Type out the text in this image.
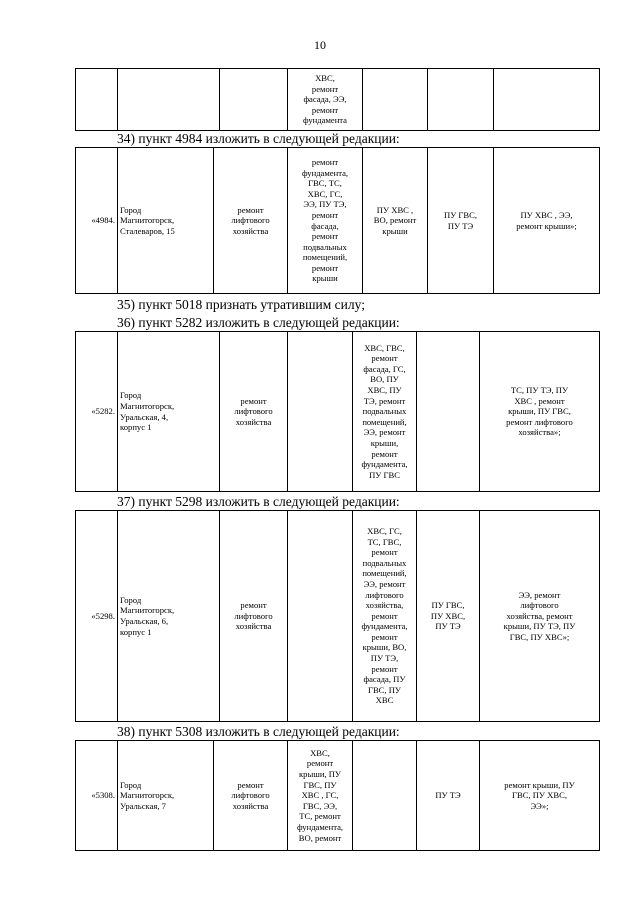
10
			ХВС,
ремонт
фасада, ЭЭ,
ремонт
фундамента			
34) пункт 4984 изложить в следующей редакции:
«4984.	Город
Магнитогорск,
Сталеваров, 15	ремонт
лифтового
хозяйства	ремонт
фундамента,
ГВС, ТС,
ХВС, ГС,
ЭЭ, ПУ ТЭ,
ремонт
фасада,
ремонт
подвальных
помещений,
ремонт
крыши	ПУ ХВС ,
ВО, ремонт
крыши	ПУ ГВС,
ПУ ТЭ	ПУ ХВС , ЭЭ,
ремонт крыши»;
35) пункт 5018 признать утратившим силу;
36) пункт 5282 изложить в следующей редакции:
«5282.	Город
Магнитогорск,
Уральская, 4,
корпус 1	ремонт
лифтового
хозяйства		ХВС, ГВС,
ремонт
фасада, ГС,
ВО, ПУ
ХВС, ПУ
ТЭ, ремонт
подвальных
помещений,
ЭЭ, ремонт
крыши,
ремонт
фундамента,
ПУ ГВС		ТС, ПУ ТЭ, ПУ
ХВС , ремонт
крыши, ПУ ГВС,
ремонт лифтового
хозяйства»;
37) пункт 5298 изложить в следующей редакции:
«5298.	Город
Магнитогорск,
Уральская, 6,
корпус 1	ремонт
лифтового
хозяйства		ХВС, ГС,
ТС, ГВС,
ремонт
подвальных
помещений,
ЭЭ, ремонт
лифтового
хозяйства,
ремонт
фундамента,
ремонт
крыши, ВО,
ПУ ТЭ,
ремонт
фасада, ПУ
ГВС, ПУ
ХВС	ПУ ГВС,
ПУ ХВС,
ПУ ТЭ	ЭЭ, ремонт
лифтового
хозяйства, ремонт
крыши, ПУ ТЭ, ПУ
ГВС, ПУ ХВС»;
38) пункт 5308 изложить в следующей редакции:
«5308.	Город
Магнитогорск,
Уральская, 7	ремонт
лифтового
хозяйства	ХВС,
ремонт
крыши, ПУ
ГВС, ПУ
ХВС , ГС,
ГВС, ЭЭ,
ТС, ремонт
фундамента,
ВО, ремонт		ПУ ТЭ	ремонт крыши, ПУ
ГВС, ПУ ХВС,
ЭЭ»;
